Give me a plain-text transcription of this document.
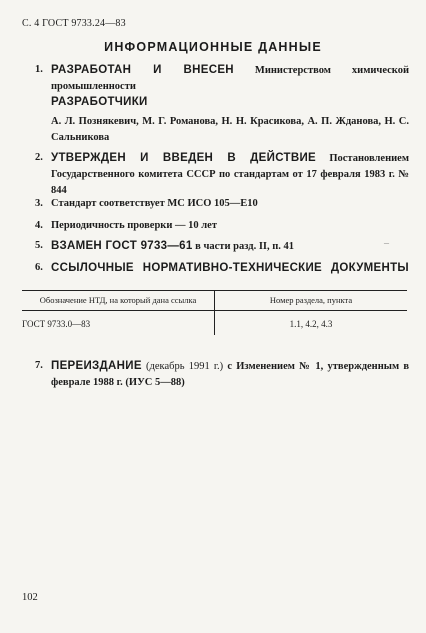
С. 4 ГОСТ 9733.24—83
ИНФОРМАЦИОННЫЕ ДАННЫЕ
1. РАЗРАБОТАН И ВНЕСЕН Министерством химической промышленности
РАЗРАБОТЧИКИ
А. Л. Познякевич, М. Г. Романова, Н. Н. Красикова, А. П. Жданова, Н. С. Сальникова
2. УТВЕРЖДЕН И ВВЕДЕН В ДЕЙСТВИЕ Постановлением Государственного комитета СССР по стандартам от 17 февраля 1983 г. № 844
3. Стандарт соответствует МС ИСО 105—Е10
4. Периодичность проверки — 10 лет
5. ВЗАМЕН ГОСТ 9733—61 в части разд. II, п. 41	–
6. ССЫЛОЧНЫЕ НОРМАТИВНО-ТЕХНИЧЕСКИЕ ДОКУМЕНТЫ
Обозначение НТД, на который дана ссылка	Номер раздела, пункта
ГОСТ 9733.0—83	1.1, 4.2, 4.3
7. ПЕРЕИЗДАНИЕ (декабрь 1991 г.) с Изменением № 1, утвержденным в феврале 1988 г. (ИУС 5—88)
102
